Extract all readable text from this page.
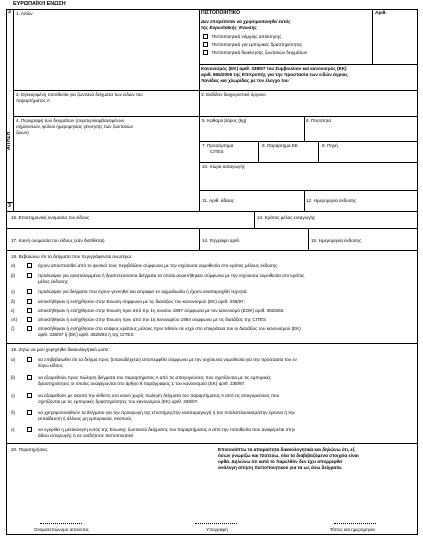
ΕΥΡΩΠΑΪΚΗ ΕΝΩΣΗ
3
ΑΙΤΗΣΗ
3
1. Αιτών	ΠΙΣΤΟΠΟΙΗΤΙΚΟ	Αριθ.
Δεν επιτρέπεται να χρησιμοποιηθεί εκτός
της Ευρωπαϊκής Ένωσης
Πιστοποιητικό νόμιμης απόκτησης
Πιστοποιητικό για εμπορικές δραστηριότητες
Πιστοποιητικό διακίνησης ζωντανών δειγμάτων
Κανονισμός (ΕΚ) αριθ. 338/97 του Συμβουλίου και κανονισμός (ΕΚ)
αριθ. 865/2006 της Επιτροπής για την προστασία των ειδών άγριας
πανίδας και χλωρίδας με τον έλεγχο του
2. Εγκεκριμένη τοποθεσία για ζωντανά δείγματα των ειδών του
παραρτήματος Α
3. Εκδίδον διαχειριστικό όργανο
4. Περιγραφή των δειγμάτων (συμπεριλαμβανομένων
σημάνσεων, φύλου ημερομηνίας γέννησης των ζωντανών
ζώων)
5. Καθαρό βάρος (kg)	6. Ποσότητα
7. Προσάρτημα
CITES
8. Παράρτημα ΕΕ	9. Πηγή
10. Χώρα καταγωγής
11. Αριθ. άδειας	12. Ημερομηνία έκδοσης
16. Επιστημονική ονομασία του είδους	13. Κράτος μέλος εισαγωγής
17. Κοινή ονομασία του είδους (εάν διατίθεται)	14. Έγγραφο αριθ.	15. Ημερομηνία έκδοσης
18. Βεβαιώνω ότι τα δείγματα που περιγράφονται ανωτέρω:
α)	έχουν αποσπασθεί από το φυσικό τους περιβάλλον σύμφωνα με την ισχύουσα νομοθεσία στο κράτος μέλους έκδοσης
β)	προέκυψαν για εγκατελειμμένα ή δραπετεύσαντα δείγματα τα οποία ανακτήθηκαν σύμφωνα με την ισχύουσα νομοθεσία στο κράτος
μέλος έκδοσης
γ)	προέκυψαν για δείγματα που έχουν γεννηθεί και εκτραφεί εν αιχμαλωσία ή έχουν αναπαραχθεί τεχνητά
δ)	αποκτήθηκαν ή εισήχθησαν στην Ένωση σύμφωνα με τις διατάξεις του κανονισμού (ΕΚ) αριθ. 338/97.
ε)	αποκτήθηκαν ή εισήχθησαν στην Ένωση πριν από την 1η Ιουνίου 1997 σύμφωνα με τον κανονισμό (ΕΟΚ) αριθ. 3626/82.
στ)	αποκτήθηκαν ή εισήχθησαν στην Ένωση πριν από την 1η Ιανουαρίου 1984 σύμφωνα με τις διατάξεις της CITES
ζ)	αποκτήθηκαν ή εισήχθησαν στο εσάφος κράτους μέλους πριν τεθούν σε ισχύ στο επικράτεια του οι διατάξεις του κανονισμού (ΕΚ)
αριθ. 338/97 ή (ΕΚ) αριθ. 3626/82 ή της CITES
19. Ζητώ να μου χορηγηθεί δικαιολογητικό ώστε:
α)	να επιβεβαιωθεί ότι τα δείγμα προς (επαναδέχεται) αποπεμφθεί σύμφωνα με την ισχύουσα νομοθεσία για την προστασία του εν
λόγω είδους
β)	να εξαιρεθούν προς πώληση δείγματα του παραρτήματος Α από τις απαγορεύσεις που σχετίζονται με τις εμπορικές
δραστηριότητες οι οποίες αναφέρονται στο άρθρο 8 παράγραφος 1 του κανονισμού (ΕΚ) αριθ. 338/97.
γ)	να εξαιρεθούν με σκοπό την έκθεση στο κοινό χωρίς πώληση δείγματα του παραρτήματος Α από τις απαγορεύσεις που
σχετίζονται με τις εμπορικές δραστηριότητες του κανονισμού (ΕΚ) αριθ. 338/97.
δ)	να χρησιμοποιηθούν τα δείγματα για την προαγωγή της επιστήμης/την αναπαραγωγή ή τον πολλαπλασιασμό/την έρευνα ή την
εκπαίδευση ή άλλους μη εμπορικούς σκοπούς
ε)	να εγκριθεί η μετακίνηση εντός της Ένωσης ζωντανού δείγματος του παραρτήματος Α από την τοποθεσία που αναφέρεται στην
άδεια εισαγωγής ή σε οισδήποτε πιστοποιητικό
20. Παρατηρήσεις	Επισυνάπτω τα απαραίτητα δικαιολογητικά και δηλώνω ότι, εξ
όσων γνωρίζω και πιστεύω, όλα τα διαβιβαζόμενα στοιχεία είναι
ορθά. Δηλώνω ότι κατά το παρελθόν δεν έχει απορριφθεί
ανάλογη αίτηση πιστοποιητικού για τα ως άνω δείγματα.
Ονοματεπώνυμο αιτούντος	Υπογραφή	Τόπος και ημερομηνία
